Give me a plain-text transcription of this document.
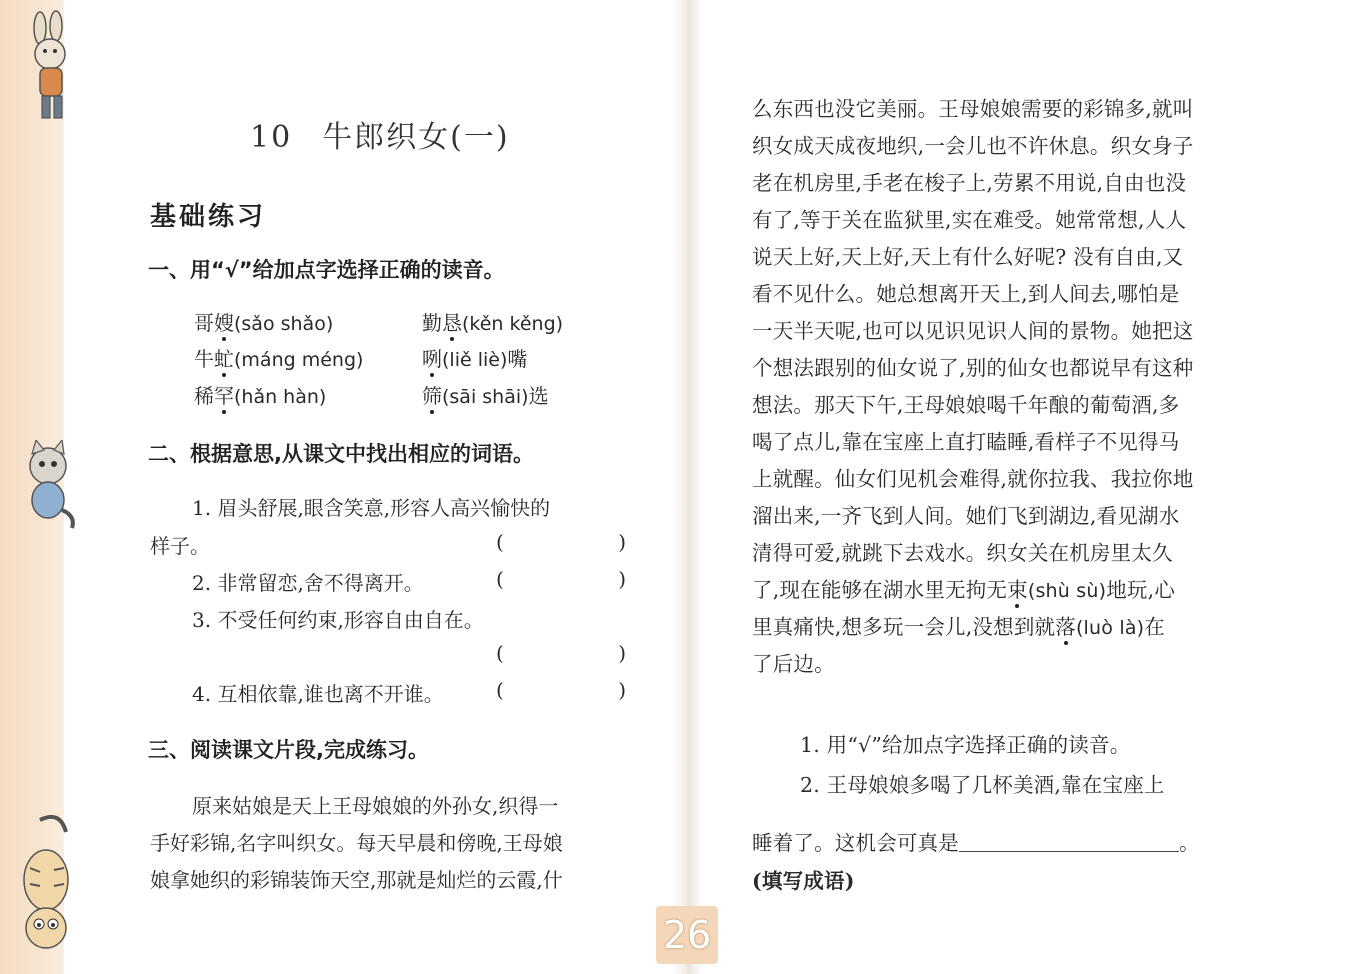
10 牛郎织女(一)
基础练习
一、用“√”给加点字选择正确的读音。
哥嫂(sǎo shǎo)	勤恳(kěn kěng)
牛虻(máng méng)	咧(liě liè)嘴
稀罕(hǎn hàn)	筛(sāi shāi)选
二、根据意思,从课文中找出相应的词语。
1. 眉头舒展,眼含笑意,形容人高兴愉快的
样子。	(	)
2. 非常留恋,舍不得离开。	(	)
3. 不受任何约束,形容自由自在。
(	)
4. 互相依靠,谁也离不开谁。	(	)
三、阅读课文片段,完成练习。
原来姑娘是天上王母娘娘的外孙女,织得一
手好彩锦,名字叫织女。每天早晨和傍晚,王母娘
娘拿她织的彩锦装饰天空,那就是灿烂的云霞,什
么东西也没它美丽。王母娘娘需要的彩锦多,就叫
织女成天成夜地织,一会儿也不许休息。织女身子
老在机房里,手老在梭子上,劳累不用说,自由也没
有了,等于关在监狱里,实在难受。她常常想,人人
说天上好,天上好,天上有什么好呢? 没有自由,又
看不见什么。她总想离开天上,到人间去,哪怕是
一天半天呢,也可以见识见识人间的景物。她把这
个想法跟别的仙女说了,别的仙女也都说早有这种
想法。那天下午,王母娘娘喝千年酿的葡萄酒,多
喝了点儿,靠在宝座上直打瞌睡,看样子不见得马
上就醒。仙女们见机会难得,就你拉我、我拉你地
溜出来,一齐飞到人间。她们飞到湖边,看见湖水
清得可爱,就跳下去戏水。织女关在机房里太久
了,现在能够在湖水里无拘无束(shù sù)地玩,心
里真痛快,想多玩一会儿,没想到就落(luò là)在
了后边。
1. 用“√”给加点字选择正确的读音。
2. 王母娘娘多喝了几杯美酒,靠在宝座上
睡着了。这机会可真是	。
(填写成语)
26
